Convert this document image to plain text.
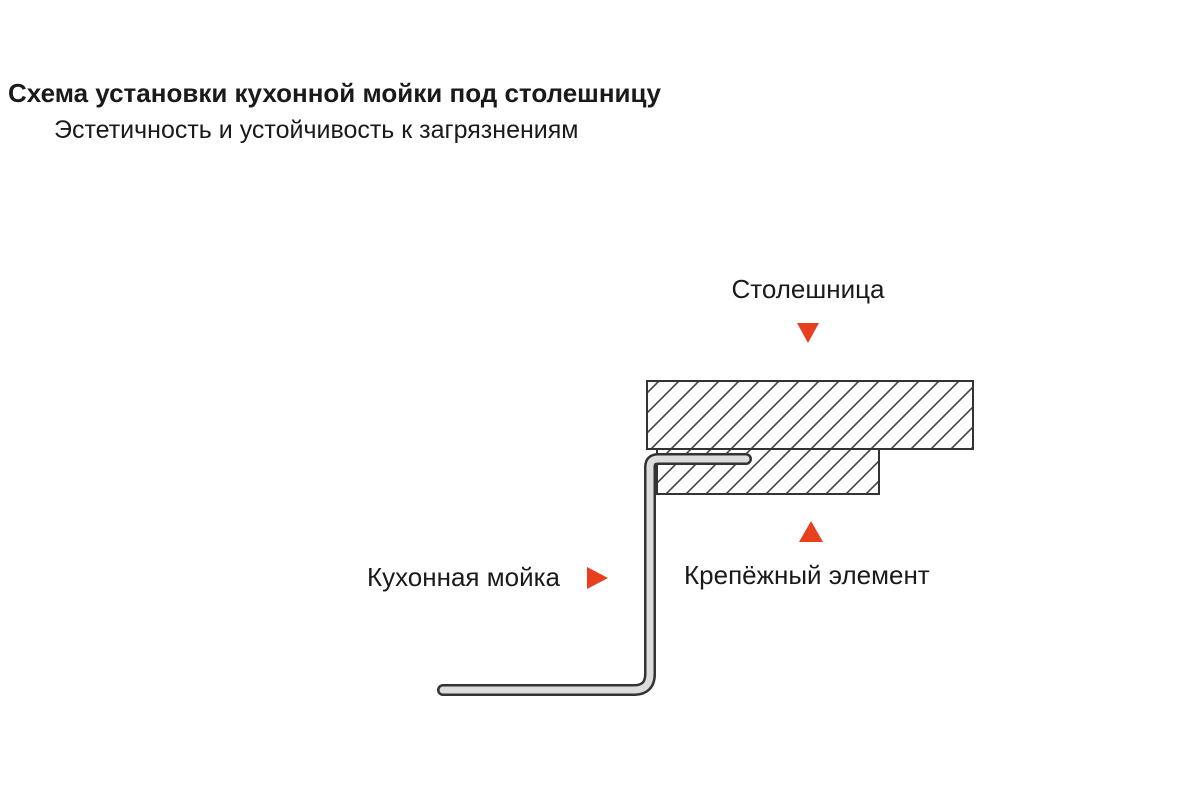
Схема установки кухонной мойки под столешницу
Эстетичность и устойчивость к загрязнениям
Столешница
Кухонная мойка	Крепёжный элемент
